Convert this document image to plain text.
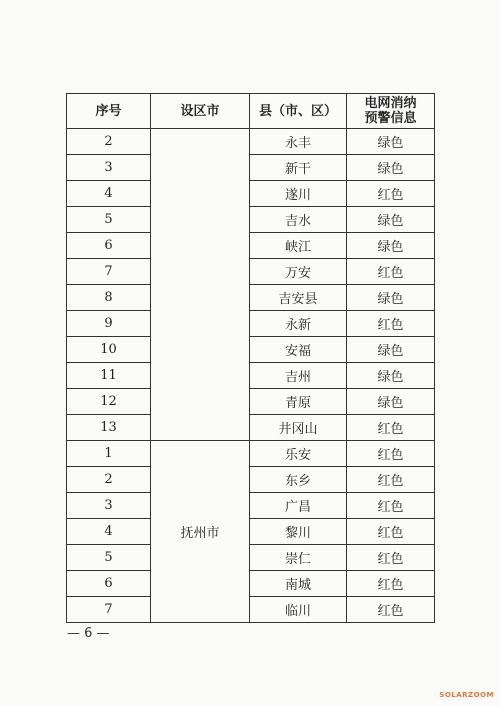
序号	设区市	县（市、区）	电网消纳
预警信息
2		永丰	绿色
3		新干	绿色
4		遂川	红色
5		吉水	绿色
6		峡江	绿色
7		万安	红色
8		吉安县	绿色
9		永新	红色
10		安福	绿色
11		吉州	绿色
12		青原	绿色
13		井冈山	红色
1	抚州市	乐安	红色
2		东乡	红色
3		广昌	红色
4		黎川	红色
5		崇仁	红色
6		南城	红色
7		临川	红色
— 6 —
SOLARZOOM
